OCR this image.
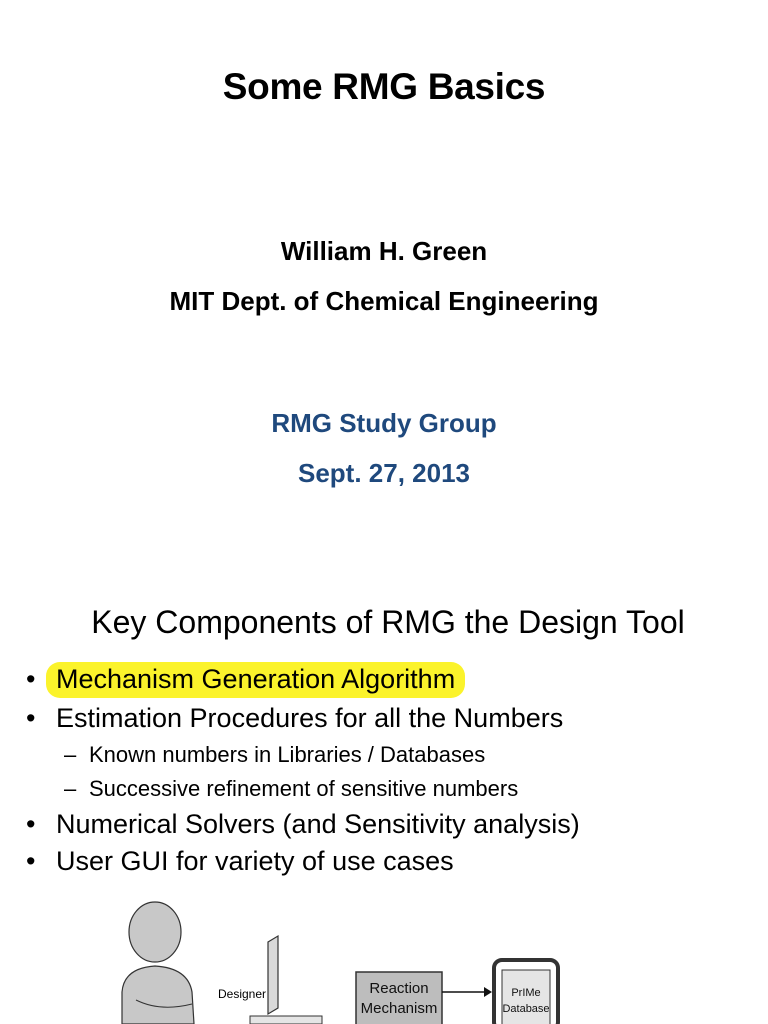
Some RMG Basics
William H. Green
MIT Dept. of Chemical Engineering
RMG Study Group
Sept. 27, 2013
Key Components of RMG the Design Tool
• Mechanism Generation Algorithm
• Estimation Procedures for all the Numbers
– Known numbers in Libraries / Databases
– Successive refinement of sensitive numbers
• Numerical Solvers (and Sensitivity analysis)
• User GUI for variety of use cases
Designer	Reaction
Mechanism
PrIMe
Database
